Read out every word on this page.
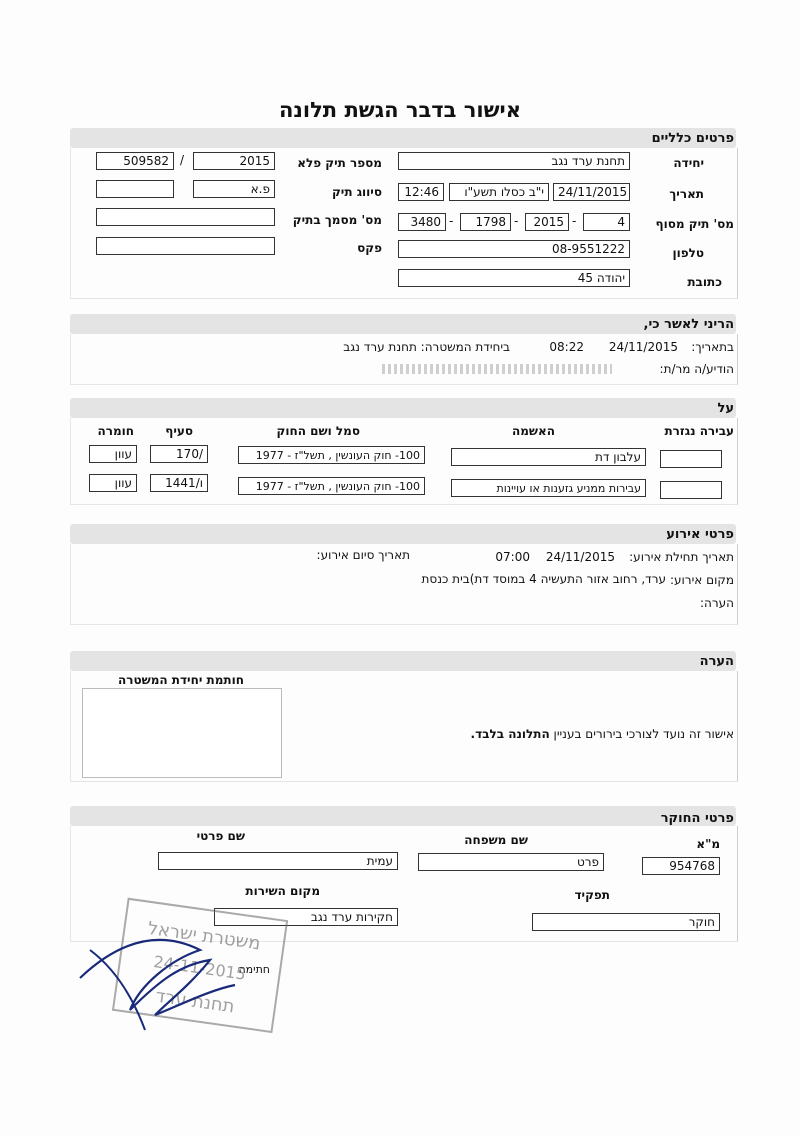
אישור בדבר הגשת תלונה
פרטים כלליים
יחידה
תחנת ערד נגב
מספר תיק פלא
2015
/
509582
תאריך
12:46	י"ב כסלו תשע"ו	24/11/2015
סיווג תיק
פ.א
מס' תיק מסוף
4
-
2015
-
1798
-
3480
מס' מסמך בתיק
טלפון
08-9551222
פקס
כתובת
יהודה 45
הריני לאשר כי,
בתאריך:
24/11/2015
08:22
ביחידת המשטרה: תחנת ערד נגב
הודיע/ה מר/ת:
על
עבירה נגזרת
האשמה
סמל ושם החוק
סעיף
חומרה
עלבון דת
100- חוק העונשין , תשל"ז - 1977
170/
עוון
עבירות ממניע גזענות או עויינות
100- חוק העונשין , תשל"ז - 1977
144ו/1
עוון
פרטי אירוע
תאריך תחילת אירוע:
24/11/2015
07:00
תאריך סיום אירוע:
מקום אירוע:
ערד, רחוב אזור התעשיה 4 במוסד דת)בית כנסת
הערה:
הערה
חותמת יחידת המשטרה
אישור זה נועד לצורכי בירורים בעניין התלונה בלבד.
פרטי החוקר
מ"א
שם משפחה
שם פרטי
954768
פרט
עמית
תפקיד
מקום השירות
חוקר
חקירות ערד נגב
חתימה
משטרת ישראל
24-11-2015
תחנת ערד
